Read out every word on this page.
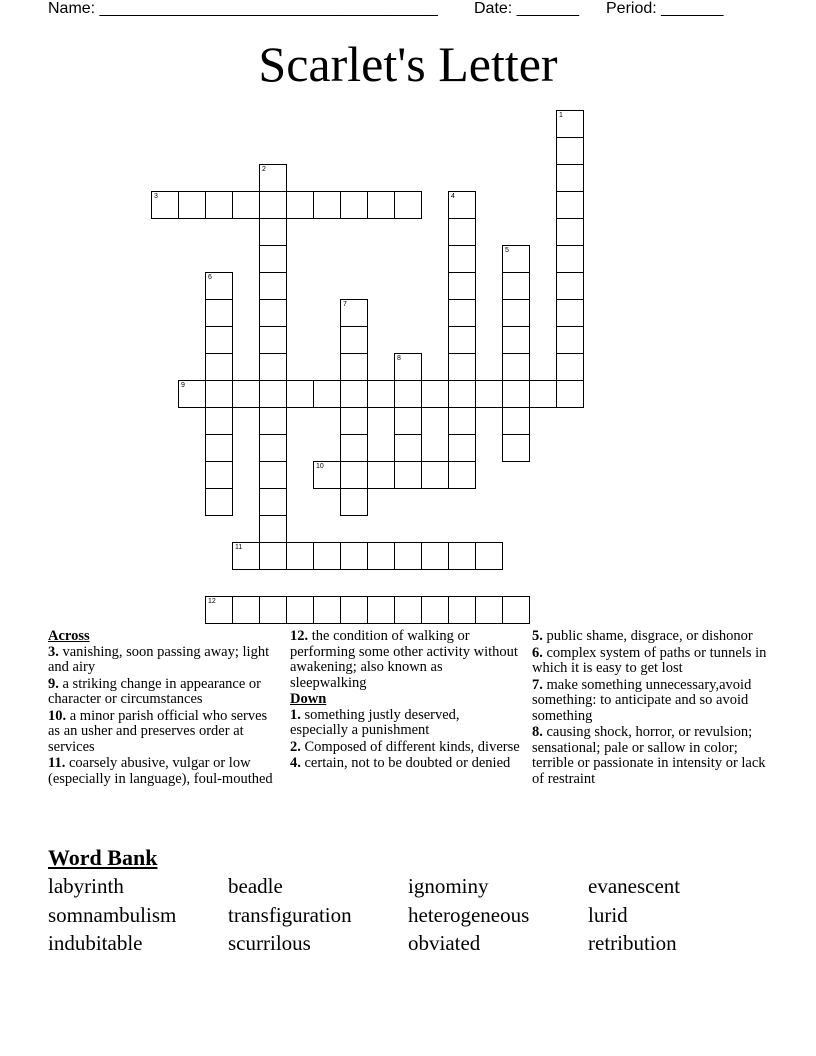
Name: ______________________________________ Date: _______ Period: _______
Scarlet's Letter
1
2
3	4
5
6
7
8
9
10
11
12
Across
3. vanishing, soon passing away; light and airy
9. a striking change in appearance or character or circumstances
10. a minor parish official who serves as an usher and preserves order at services
11. coarsely abusive, vulgar or low (especially in language), foul-mouthed
12. the condition of walking or performing some other activity without awakening; also known as sleepwalking
Down
1. something justly deserved, especially a punishment
2. Composed of different kinds, diverse
4. certain, not to be doubted or denied
5. public shame, disgrace, or dishonor
6. complex system of paths or tunnels in which it is easy to get lost
7. make something unnecessary,avoid something: to anticipate and so avoid something
8. causing shock, horror, or revulsion; sensational; pale or sallow in color; terrible or passionate in intensity or lack of restraint
Word Bank
labyrinth	beadle	ignominy	evanescent
somnambulism transfiguration	heterogeneous	lurid
indubitable	scurrilous	obviated	retribution
